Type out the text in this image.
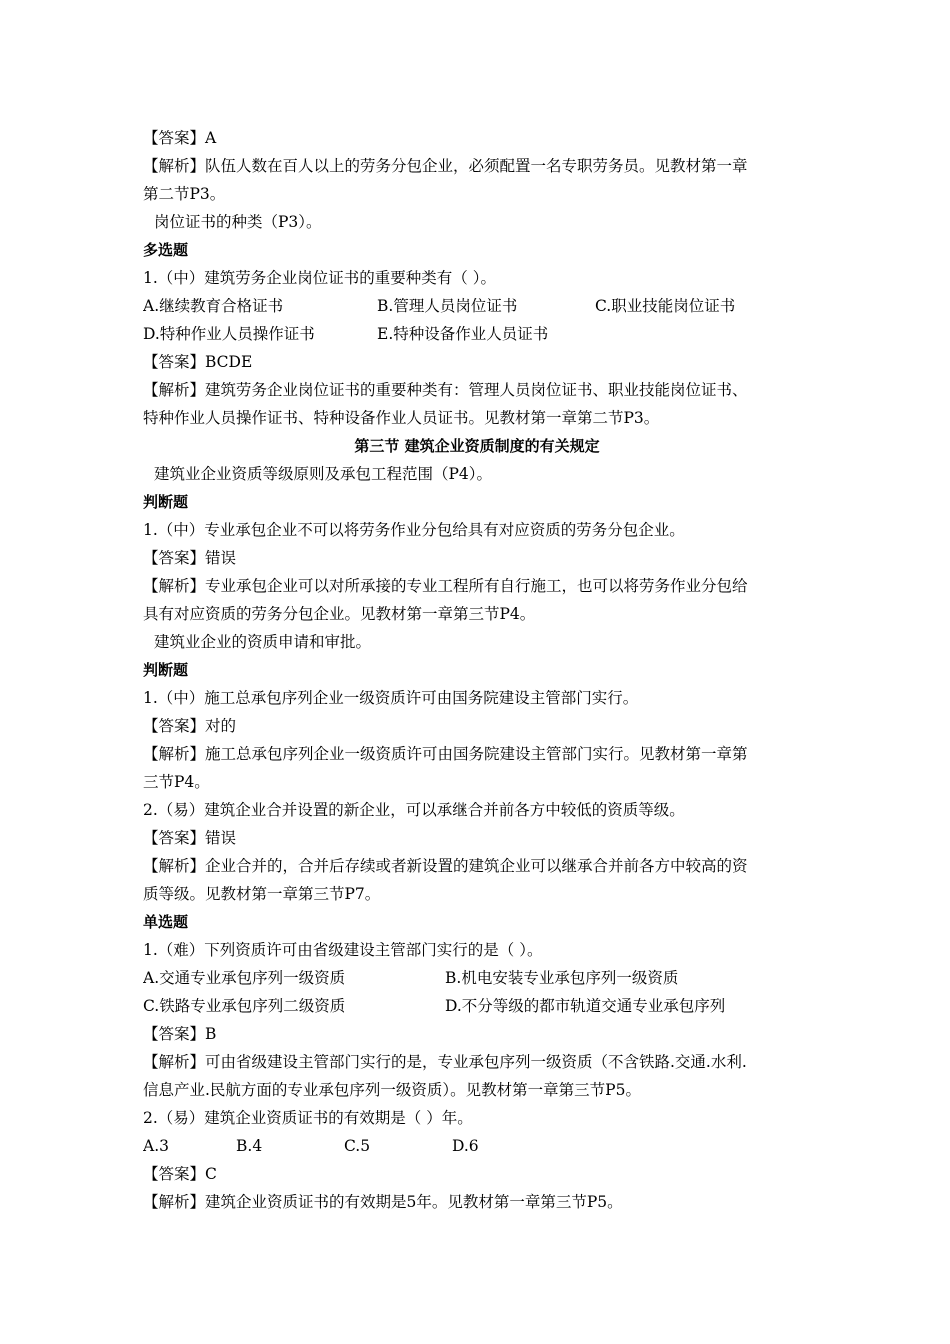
【答案】A
【解析】队伍人数在百人以上的劳务分包企业，必须配置一名专职劳务员。见教材第一章
第二节P3。
岗位证书的种类（P3）。
多选题
1.（中）建筑劳务企业岗位证书的重要种类有（ ）。
A.继续教育合格证书	B.管理人员岗位证书	C.职业技能岗位证书
D.特种作业人员操作证书	E.特种设备作业人员证书
【答案】BCDE
【解析】建筑劳务企业岗位证书的重要种类有：管理人员岗位证书、职业技能岗位证书、
特种作业人员操作证书、特种设备作业人员证书。见教材第一章第二节P3。
第三节 建筑企业资质制度的有关规定
建筑业企业资质等级原则及承包工程范围（P4）。
判断题
1.（中）专业承包企业不可以将劳务作业分包给具有对应资质的劳务分包企业。
【答案】错误
【解析】专业承包企业可以对所承接的专业工程所有自行施工，也可以将劳务作业分包给
具有对应资质的劳务分包企业。见教材第一章第三节P4。
建筑业企业的资质申请和审批。
判断题
1.（中）施工总承包序列企业一级资质许可由国务院建设主管部门实行。
【答案】对的
【解析】施工总承包序列企业一级资质许可由国务院建设主管部门实行。见教材第一章第
三节P4。
2.（易）建筑企业合并设置的新企业，可以承继合并前各方中较低的资质等级。
【答案】错误
【解析】企业合并的，合并后存续或者新设置的建筑企业可以继承合并前各方中较高的资
质等级。见教材第一章第三节P7。
单选题
1.（难）下列资质许可由省级建设主管部门实行的是（ ）。
A.交通专业承包序列一级资质	B.机电安装专业承包序列一级资质
C.铁路专业承包序列二级资质	D.不分等级的都市轨道交通专业承包序列
【答案】B
【解析】可由省级建设主管部门实行的是，专业承包序列一级资质（不含铁路.交通.水利.
信息产业.民航方面的专业承包序列一级资质）。见教材第一章第三节P5。
2.（易）建筑企业资质证书的有效期是（ ）年。
A.3	B.4	C.5	D.6
【答案】C
【解析】建筑企业资质证书的有效期是5年。见教材第一章第三节P5。
